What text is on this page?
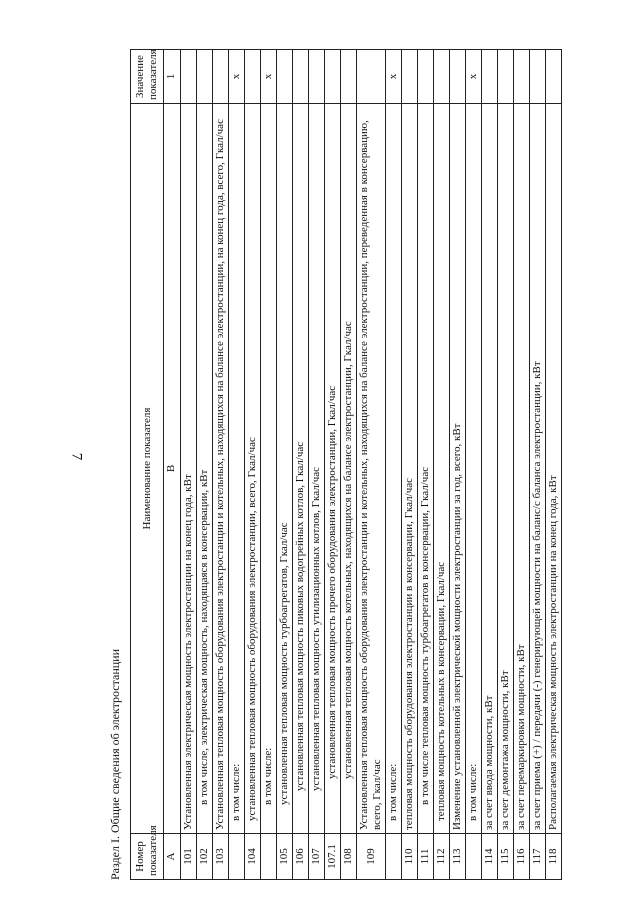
7
Раздел I. Общие сведения об электростанции Номер показателя	Наименование показателя	Значение показателя
А	В	1
101	Установленная электрическая мощность электростанции на конец года, кВт	
102	в том числе, электрическая мощность, находящаяся в консервации, кВт	
103	Установленная тепловая мощность оборудования электростанции и котельных, находящихся на балансе электростанции, на конец года, всего, Гкал/час	
	в том числе:	х
104	установленная тепловая мощность оборудования электростанции, всего, Гкал/час	
	в том числе:	х
105	установленная тепловая мощность турбоагрегатов, Гкал/час	
106	установленная тепловая мощность пиковых водогрейных котлов, Гкал/час	
107	установленная тепловая мощность утилизационных котлов, Гкал/час	
107.1	установленная тепловая мощность прочего оборудования электростанции, Гкал/час	
108	установленная тепловая мощность котельных, находящихся на балансе электростанции, Гкал/час	
109	Установленная тепловая мощность оборудования электростанции и котельных, находящихся на балансе электростанции, переведенная в консервацию, всего, Гкал/час	
	в том числе:	х
110	тепловая мощность оборудования электростанции в консервации, Гкал/час	
111	в том числе тепловая мощность турбоагрегатов в консервации, Гкал/час	
112	тепловая мощность котельных в консервации, Гкал/час	
113	Изменение установленной электрической мощности электростанции за год, всего, кВт	
	в том числе:	х
114	за счет ввода мощности, кВт	
115	за счет демонтажа мощности, кВт	
116	за счет перемаркировки мощности, кВт	
117	за счет приема (+) / передачи (-) генерирующей мощности на баланс/с баланса электростанции, кВт	
118	Располагаемая электрическая мощность электростанции на конец года, кВт	
